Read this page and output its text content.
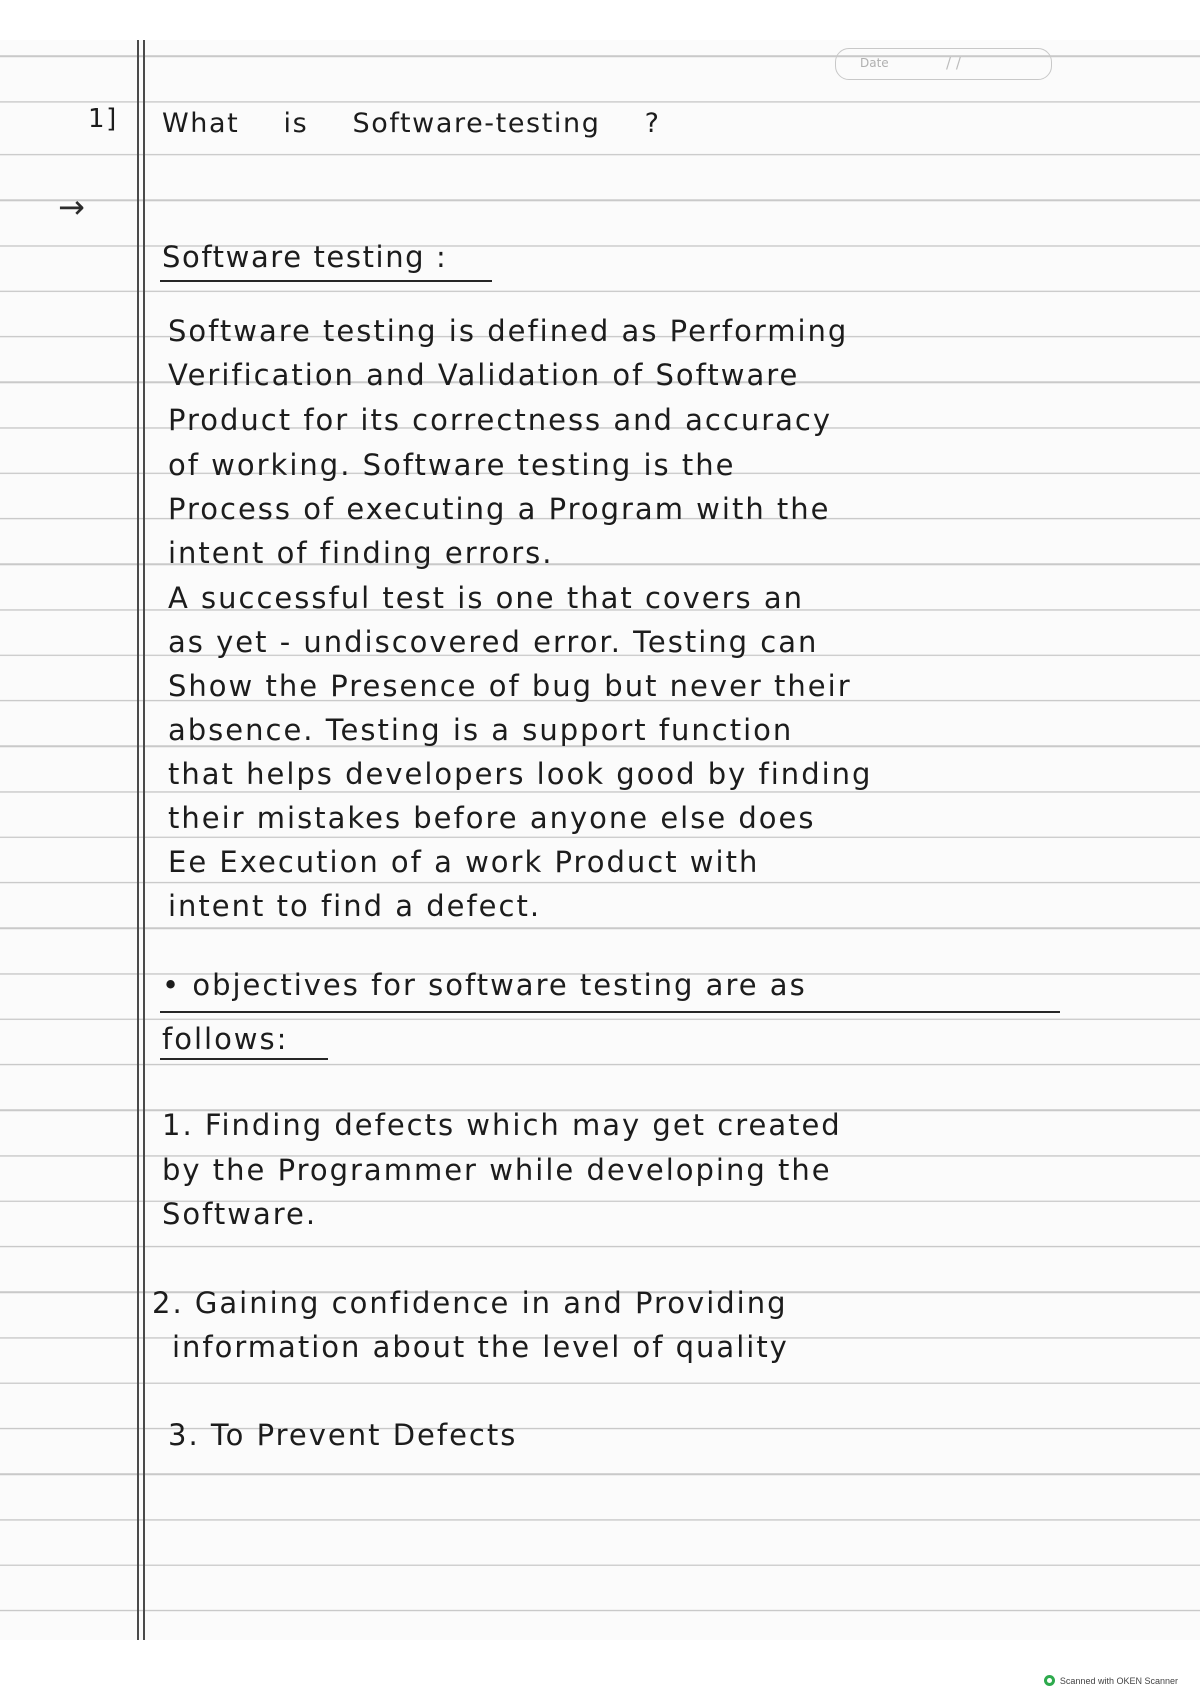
Date	/ /
1] What is Software-testing ?
→
Software testing :
Software testing is defined as Performing
Verification and Validation of Software
Product for its correctness and accuracy
of working. Software testing is the
Process of executing a Program with the
intent of finding errors.
A successful test is one that covers an
as yet - undiscovered error. Testing can
Show the Presence of bug but never their
absence. Testing is a support function
that helps developers look good by finding
their mistakes before anyone else does
Ee Execution of a work Product with
intent to find a defect.
• objectives for software testing are as
follows:
1. Finding defects which may get created
by the Programmer while developing the
Software.
2. Gaining confidence in and Providing
information about the level of quality
3. To Prevent Defects
Scanned with OKEN Scanner
